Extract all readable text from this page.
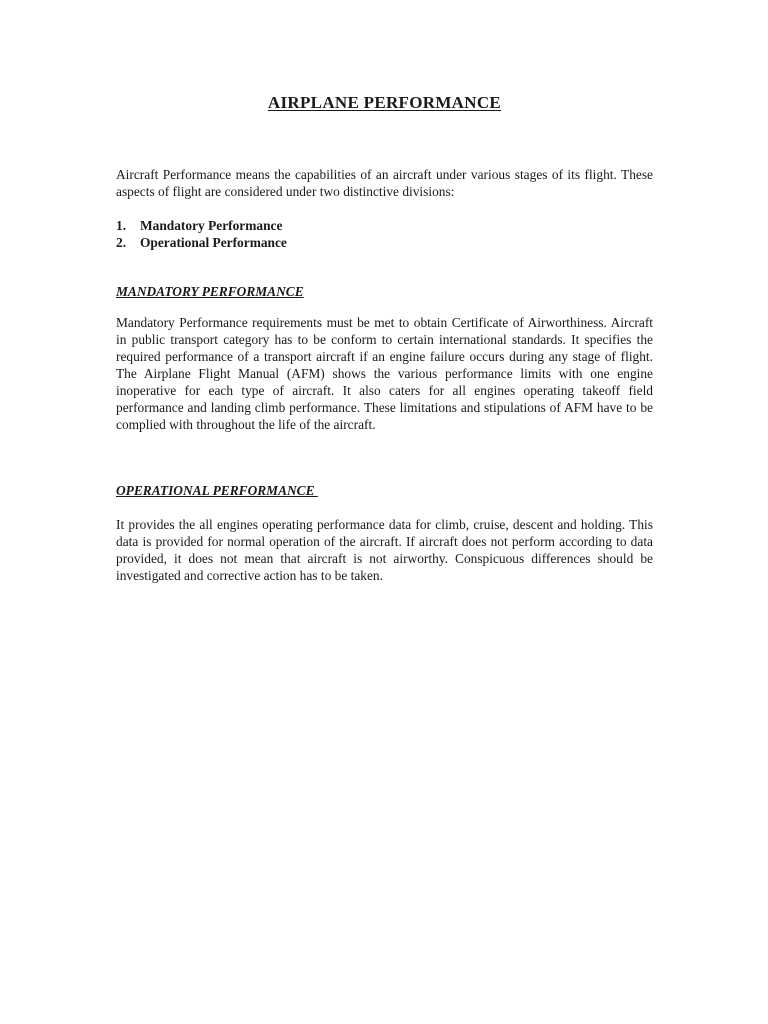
AIRPLANE PERFORMANCE

Aircraft Performance means the capabilities of an aircraft under various stages of its flight. These aspects of flight are considered under two distinctive divisions:

1.	Mandatory Performance
2.	Operational Performance
MANDATORY PERFORMANCE

Mandatory Performance requirements must be met to obtain Certificate of Airworthiness. Aircraft in public transport category has to be conform to certain international standards. It specifies the required performance of a transport aircraft if an engine failure occurs during any stage of flight. The Airplane Flight Manual (AFM) shows the various performance limits with one engine inoperative for each type of aircraft. It also caters for all engines operating takeoff field performance and landing climb performance. These limitations and stipulations of AFM have to be complied with throughout the life of the aircraft.

OPERATIONAL PERFORMANCE

It provides the all engines operating performance data for climb, cruise, descent and holding. This data is provided for normal operation of the aircraft. If aircraft does not perform according to data provided, it does not mean that aircraft is not airworthy. Conspicuous differences should be investigated and corrective action has to be taken.
